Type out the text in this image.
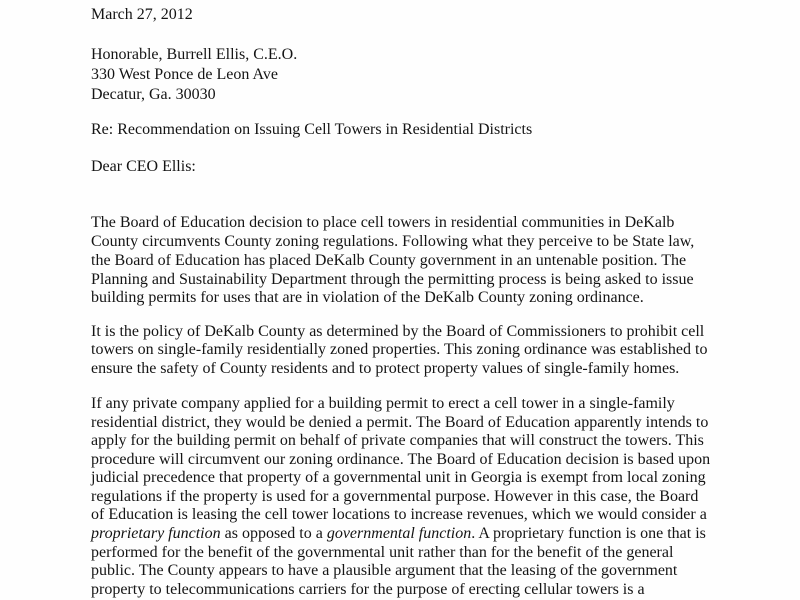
March 27, 2012
Honorable, Burrell Ellis, C.E.O.
330 West Ponce de Leon Ave
Decatur, Ga. 30030
Re: Recommendation on Issuing Cell Towers in Residential Districts
Dear CEO Ellis:
The Board of Education decision to place cell towers in residential communities in DeKalb
County circumvents County zoning regulations. Following what they perceive to be State law,
the Board of Education has placed DeKalb County government in an untenable position. The
Planning and Sustainability Department through the permitting process is being asked to issue
building permits for uses that are in violation of the DeKalb County zoning ordinance.
It is the policy of DeKalb County as determined by the Board of Commissioners to prohibit cell
towers on single-family residentially zoned properties. This zoning ordinance was established to
ensure the safety of County residents and to protect property values of single-family homes.
If any private company applied for a building permit to erect a cell tower in a single-family
residential district, they would be denied a permit. The Board of Education apparently intends to
apply for the building permit on behalf of private companies that will construct the towers. This
procedure will circumvent our zoning ordinance. The Board of Education decision is based upon
judicial precedence that property of a governmental unit in Georgia is exempt from local zoning
regulations if the property is used for a governmental purpose. However in this case, the Board
of Education is leasing the cell tower locations to increase revenues, which we would consider a
proprietary function as opposed to a governmental function. A proprietary function is one that is
performed for the benefit of the governmental unit rather than for the benefit of the general
public. The County appears to have a plausible argument that the leasing of the government
property to telecommunications carriers for the purpose of erecting cellular towers is a
